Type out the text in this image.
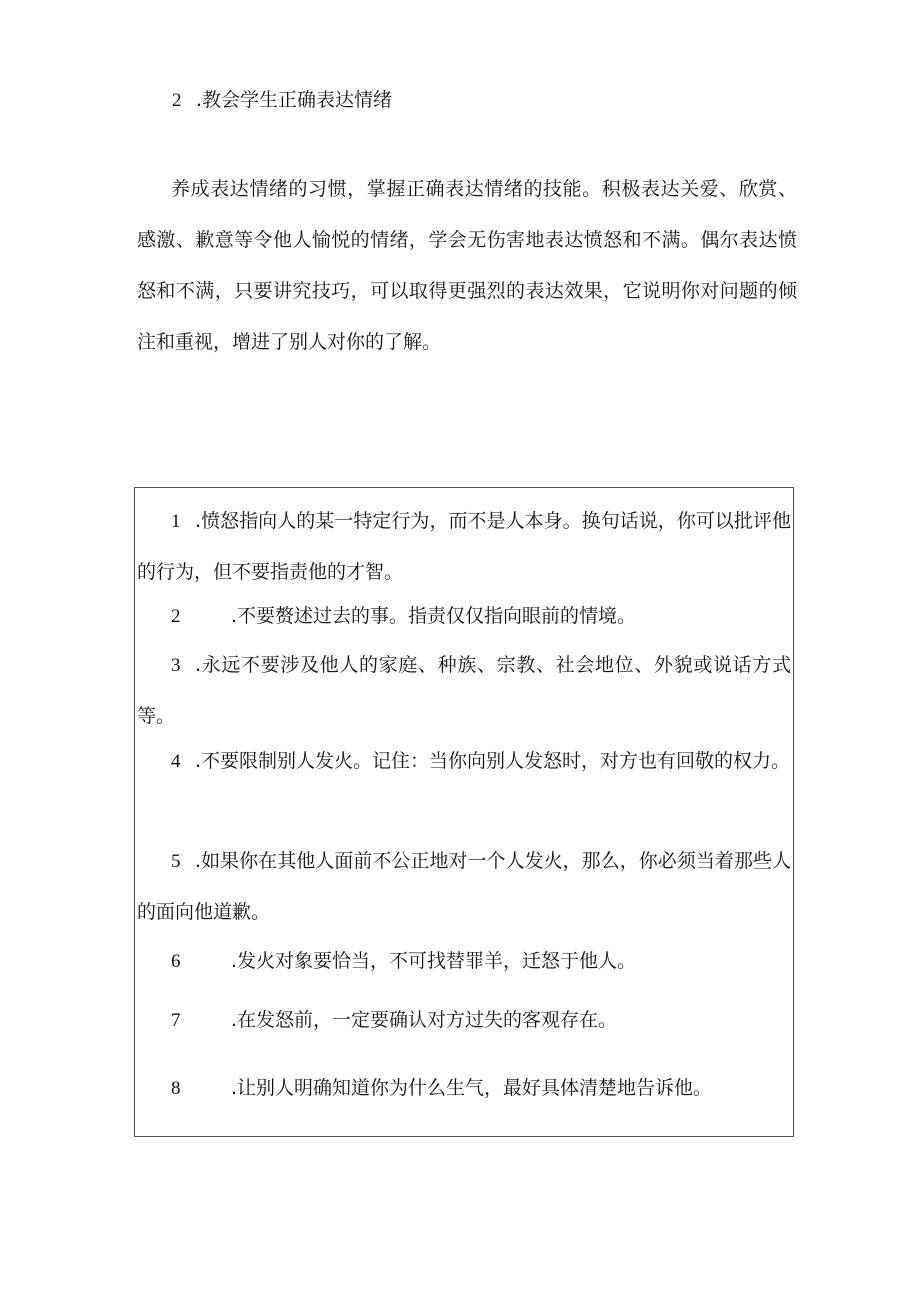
2 .教会学生正确表达情绪

养成表达情绪的习惯，掌握正确表达情绪的技能。积极表达关爱、欣赏、感激、歉意等令他人愉悦的情绪，学会无伤害地表达愤怒和不满。偶尔表达愤怒和不满，只要讲究技巧，可以取得更强烈的表达效果，它说明你对问题的倾注和重视，增进了别人对你的了解。

1 .愤怒指向人的某一特定行为，而不是人本身。换句话说，你可以批评他的行为，但不要指责他的才智。

2	.不要赘述过去的事。指责仅仅指向眼前的情境。

3 .永远不要涉及他人的家庭、种族、宗教、社会地位、外貌或说话方式等。

4 .不要限制别人发火。记住：当你向别人发怒时，对方也有回敬的权力。

5 .如果你在其他人面前不公正地对一个人发火，那么，你必须当着那些人的面向他道歉。

6	.发火对象要恰当，不可找替罪羊，迁怒于他人。

7	.在发怒前，一定要确认对方过失的客观存在。

8	.让别人明确知道你为什么生气，最好具体清楚地告诉他。
